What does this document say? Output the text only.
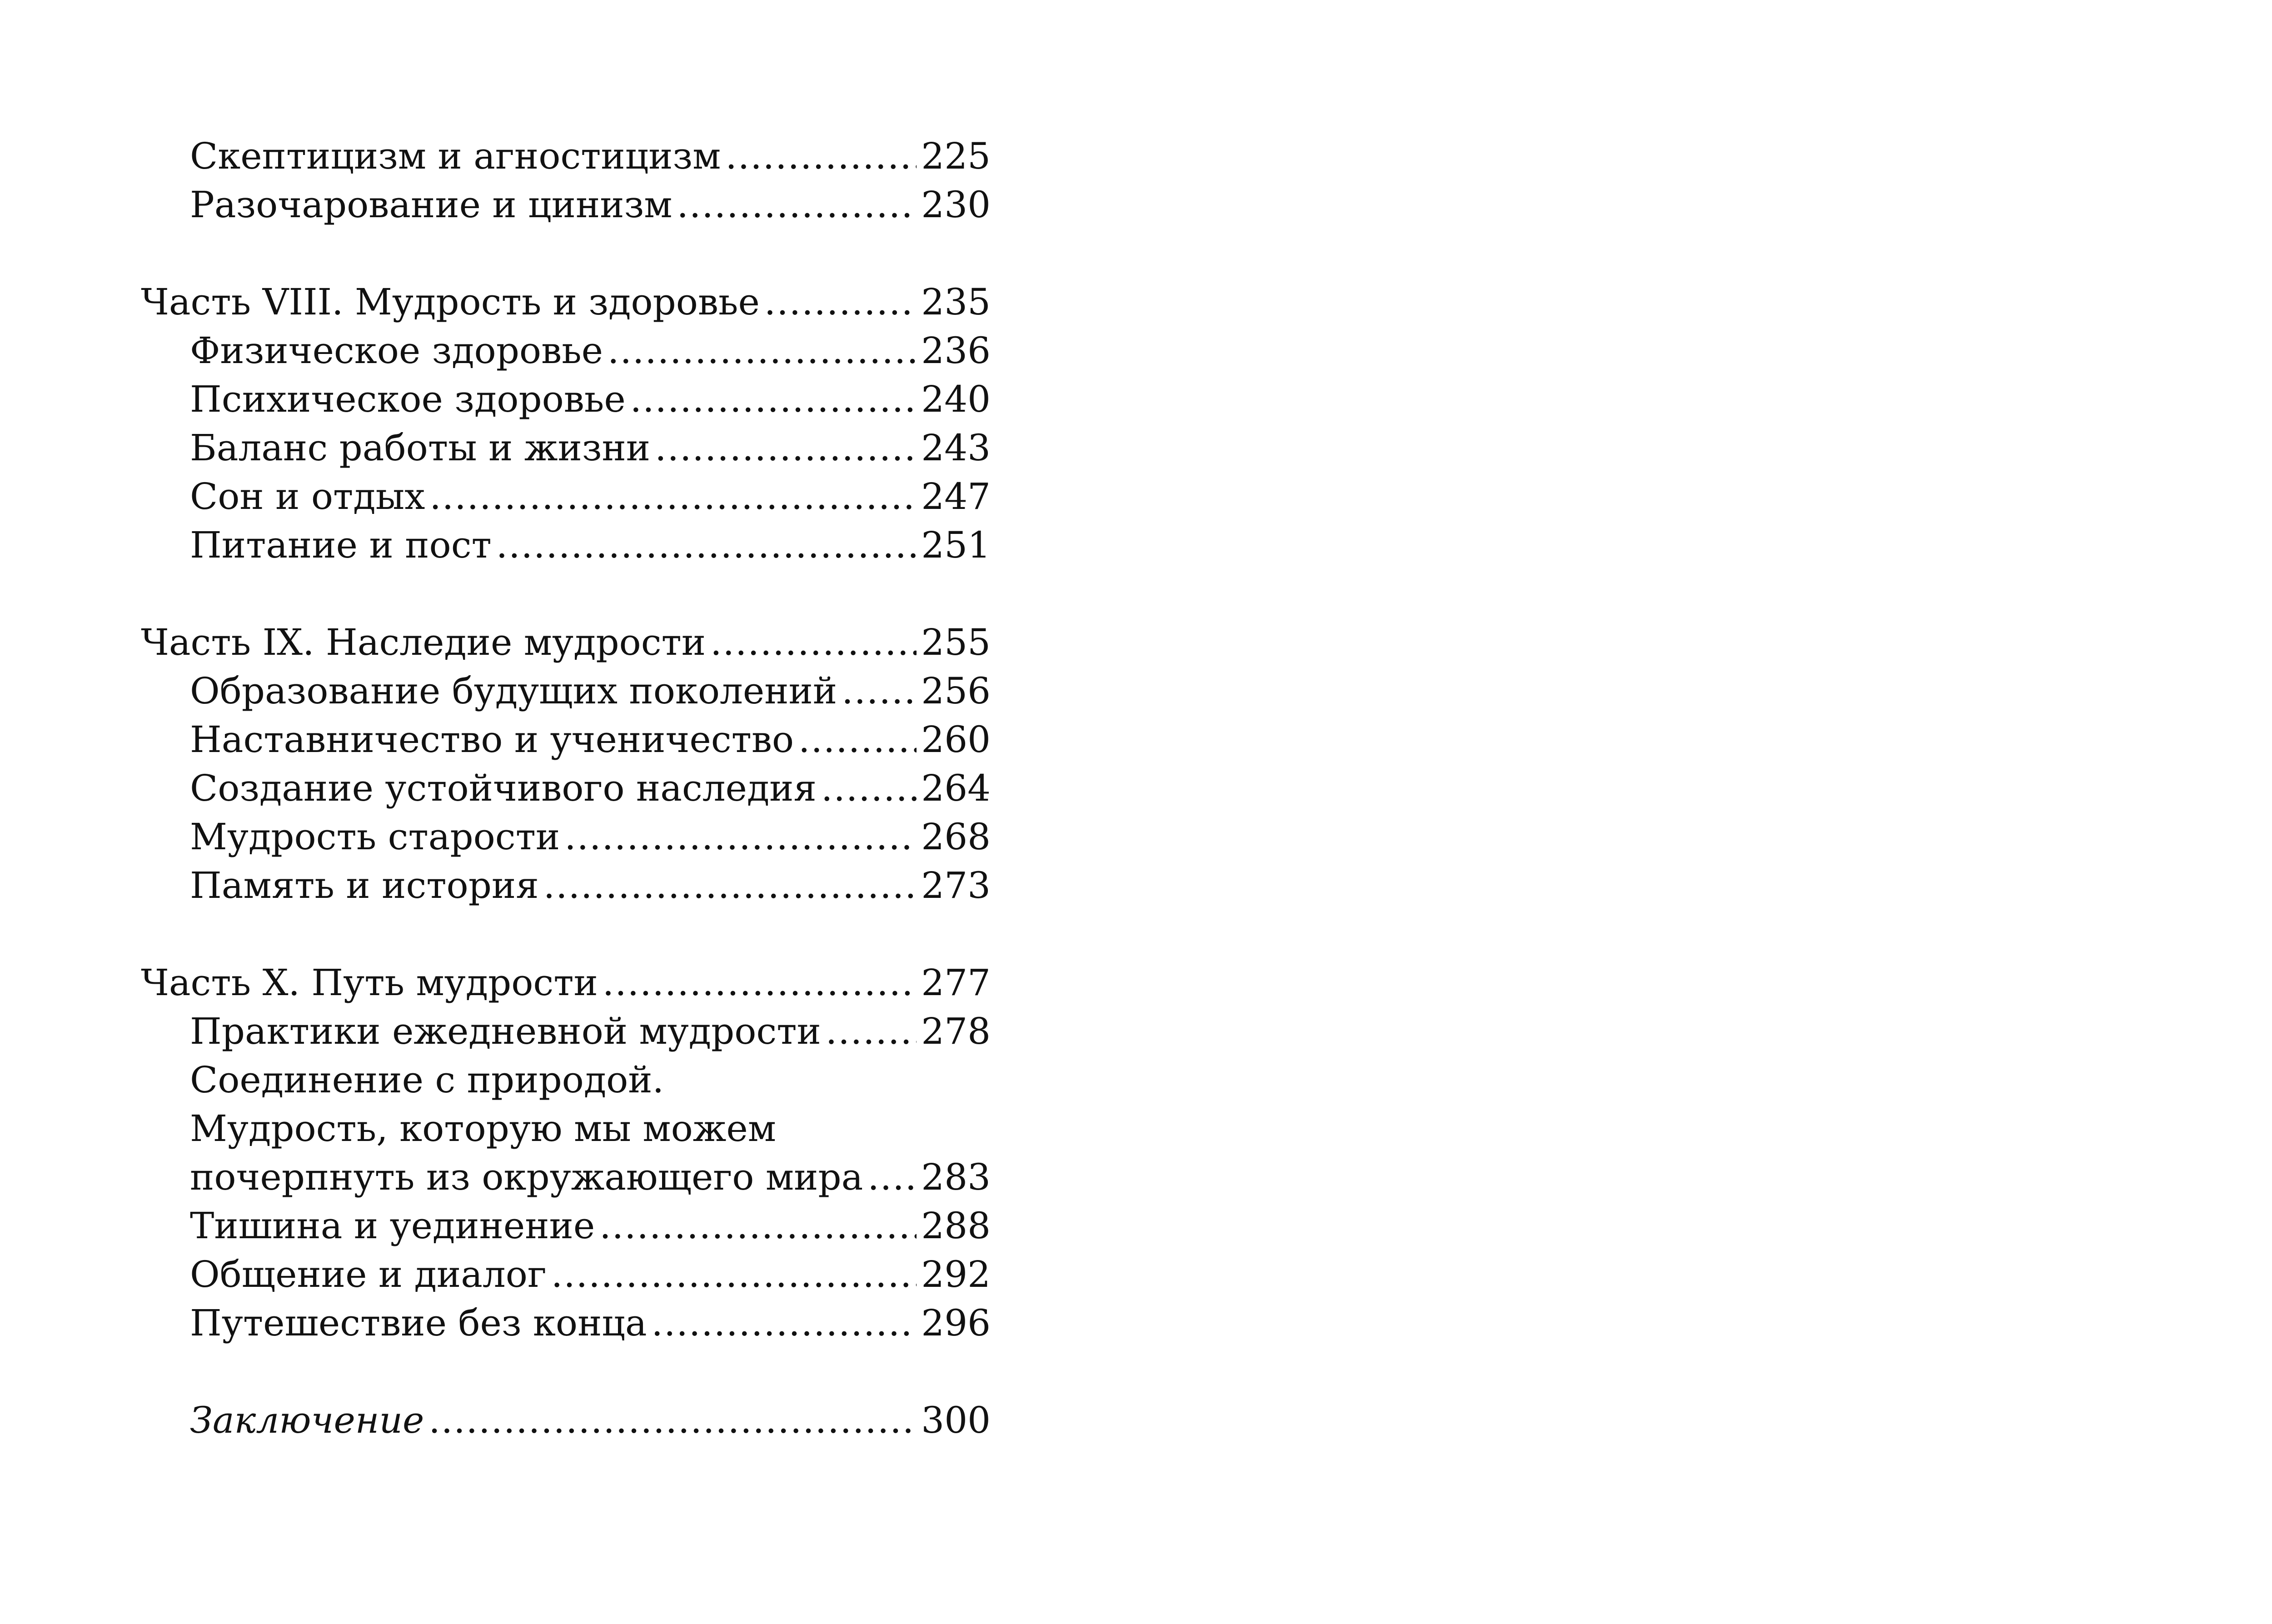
Скептицизм и агностицизм .....	225
Разочарование и цинизм .....	230
Часть VIII. Мудрость и здоровье .....	235
Физическое здоровье .....	236
Психическое здоровье .....	240
Баланс работы и жизни .....	243
Сон и отдых .....	247
Питание и пост .....	251
Часть IX. Наследие мудрости .....	255
Образование будущих поколений ..... 256
Наставничество и ученичество .....	260
Создание устойчивого наследия .....	264
Мудрость старости .....	268
Память и история .....	273
Часть X. Путь мудрости .....	277
Практики ежедневной мудрости .....	278
Соединение с природой.
Мудрость, которую мы можем
почерпнуть из окружающего мира ..... 283
Тишина и уединение .....	288
Общение и диалог .....	292
Путешествие без конца .....	296
Заключение .....	300
